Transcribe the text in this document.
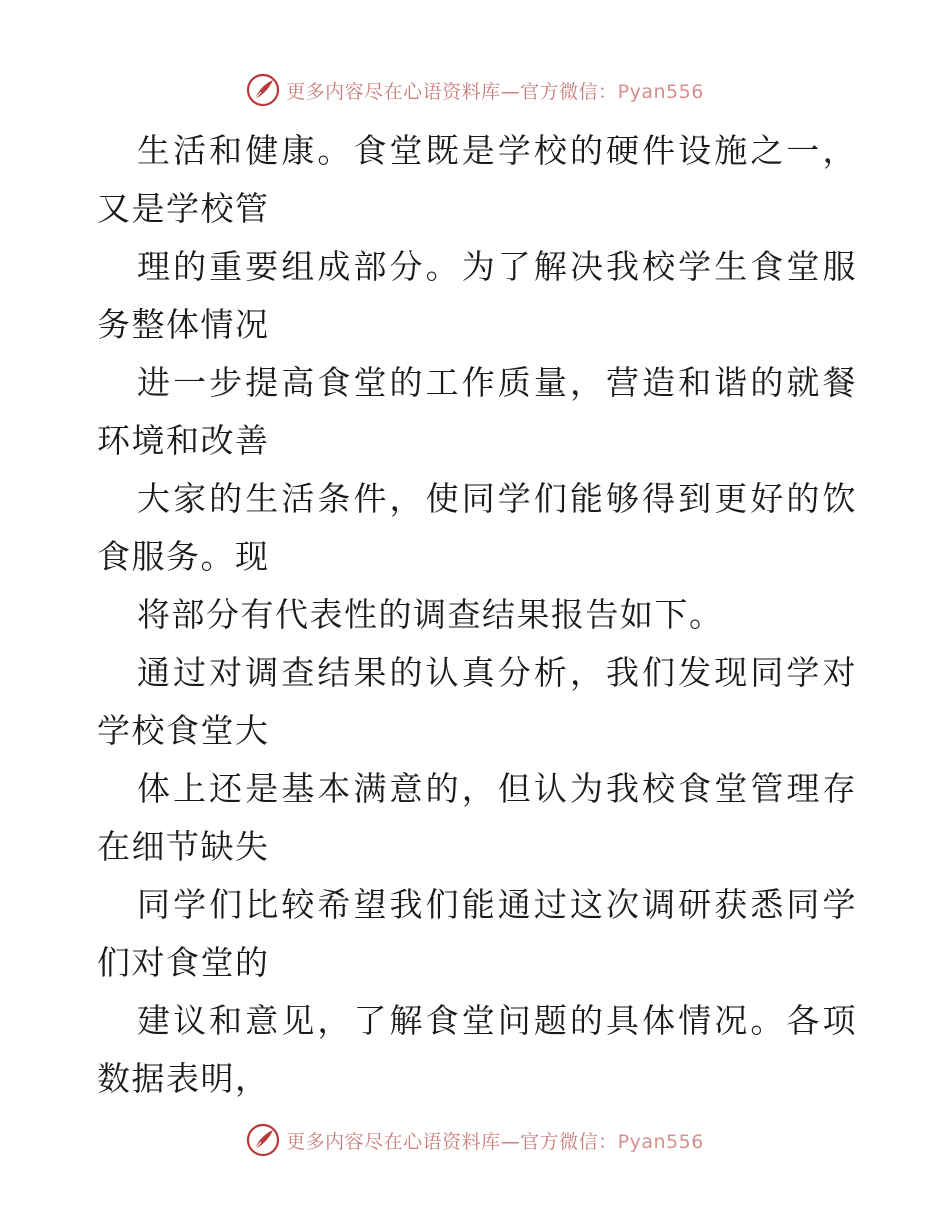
更多内容尽在心语资料库—官方微信：Pyan556

生活和健康。食堂既是学校的硬件设施之一，又是学校管

理的重要组成部分。为了解决我校学生食堂服务整体情况

进一步提高食堂的工作质量，营造和谐的就餐环境和改善

大家的生活条件，使同学们能够得到更好的饮食服务。现

将部分有代表性的调查结果报告如下。

通过对调查结果的认真分析，我们发现同学对学校食堂大

体上还是基本满意的，但认为我校食堂管理存在细节缺失

同学们比较希望我们能通过这次调研获悉同学们对食堂的

建议和意见，了解食堂问题的具体情况。各项数据表明，

更多内容尽在心语资料库—官方微信：Pyan556
